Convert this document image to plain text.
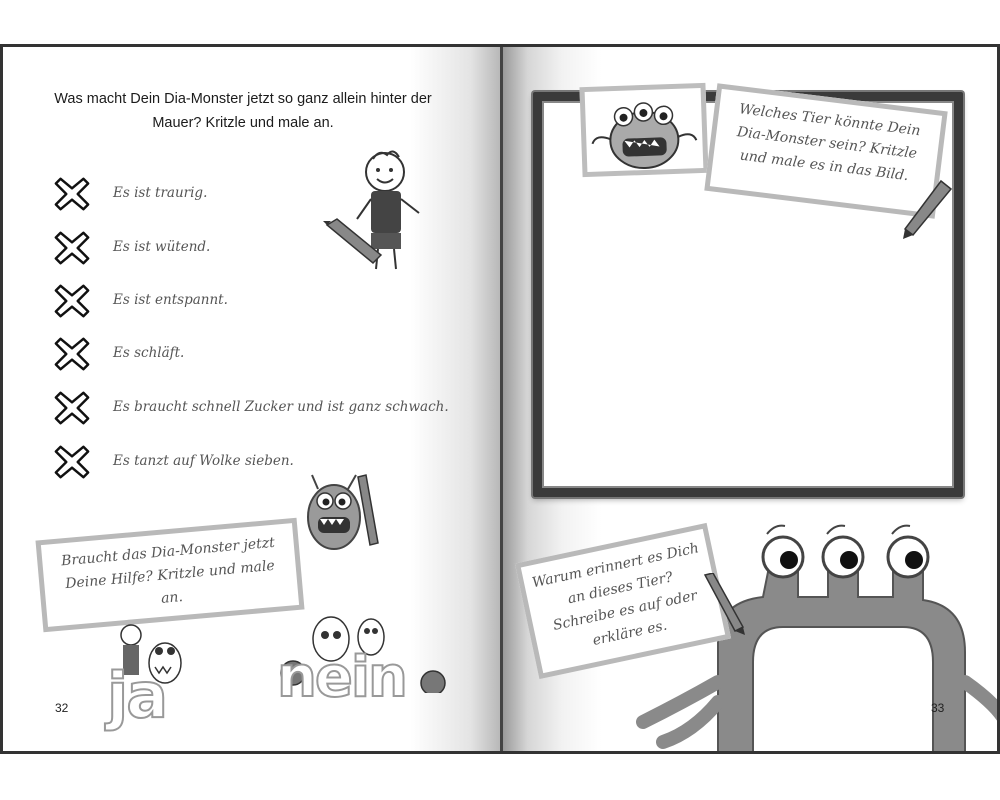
Was macht Dein Dia-Monster jetzt so ganz allein hinter der Mauer? Kritzle und male an.
Es ist traurig.
Es ist wütend.
Es ist entspannt.
Es schläft.
Es braucht schnell Zucker und ist ganz schwach.
Es tanzt auf Wolke sieben.
Braucht das Dia-Monster jetzt Deine Hilfe? Kritzle und male an.
ja nein
32
Welches Tier könnte Dein Dia-Monster sein? Kritzle und male es in das Bild.
Warum erinnert es Dich an dieses Tier? Schreibe es auf oder erkläre es.
33
